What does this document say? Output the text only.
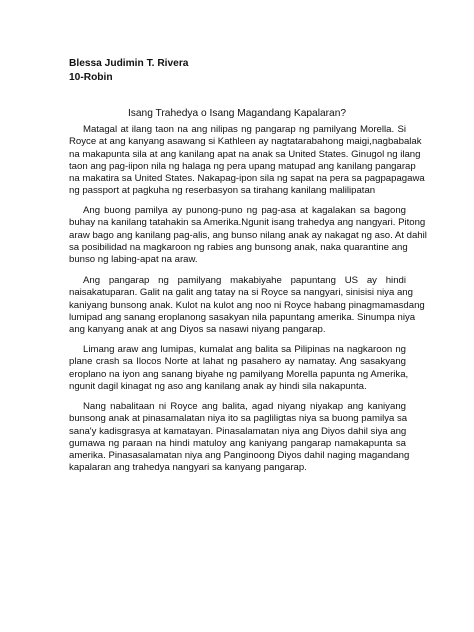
Blessa Judimin T. Rivera
10-Robin
Isang Trahedya o Isang Magandang Kapalaran?
Matagal at ilang taon na ang nilipas ng pangarap ng pamilyang Morella. Si
Royce at ang kanyang asawang si Kathleen ay nagtatarabahong maigi,nagbabalak
na makapunta sila at ang kanilang apat na anak sa United States. Ginugol ng ilang
taon ang pag-iipon nila ng halaga ng pera upang matupad ang kanilang pangarap
na makatira sa United States. Nakapag-ipon sila ng sapat na pera sa pagpapagawa
ng passport at pagkuha ng reserbasyon sa tirahang kanilang malilipatan
Ang buong pamilya ay punong-puno ng pag-asa at kagalakan sa bagong
buhay na kanilang tatahakin sa Amerika.Ngunit isang trahedya ang nangyari. Pitong
araw bago ang kanilang pag-alis, ang bunso nilang anak ay nakagat ng aso. At dahil
sa posibilidad na magkaroon ng rabies ang bunsong anak, naka quarantine ang
bunso ng labing-apat na araw.
Ang pangarap ng pamilyang makabiyahe papuntang US ay hindi
naisakatuparan. Galit na galit ang tatay na si Royce sa nangyari, sinisisi niya ang
kaniyang bunsong anak. Kulot na kulot ang noo ni Royce habang pinagmamasdang
lumipad ang sanang eroplanong sasakyan nila papuntang amerika. Sinumpa niya
ang kanyang anak at ang Diyos sa nasawi niyang pangarap.
Limang araw ang lumipas, kumalat ang balita sa Pilipinas na nagkaroon ng
plane crash sa Ilocos Norte at lahat ng pasahero ay namatay. Ang sasakyang
eroplano na iyon ang sanang biyahe ng pamilyang Morella papunta ng Amerika,
ngunit dagil kinagat ng aso ang kanilang anak ay hindi sila nakapunta.
Nang nabalitaan ni Royce ang balita, agad niyang niyakap ang kaniyang
bunsong anak at pinasamalatan niya ito sa pagliligtas niya sa buong pamilya sa
sana'y kadisgrasya at kamatayan. Pinasalamatan niya ang Diyos dahil siya ang
gumawa ng paraan na hindi matuloy ang kaniyang pangarap namakapunta sa
amerika. Pinasasalamatan niya ang Panginoong Diyos dahil naging magandang
kapalaran ang trahedya nangyari sa kanyang pangarap.
